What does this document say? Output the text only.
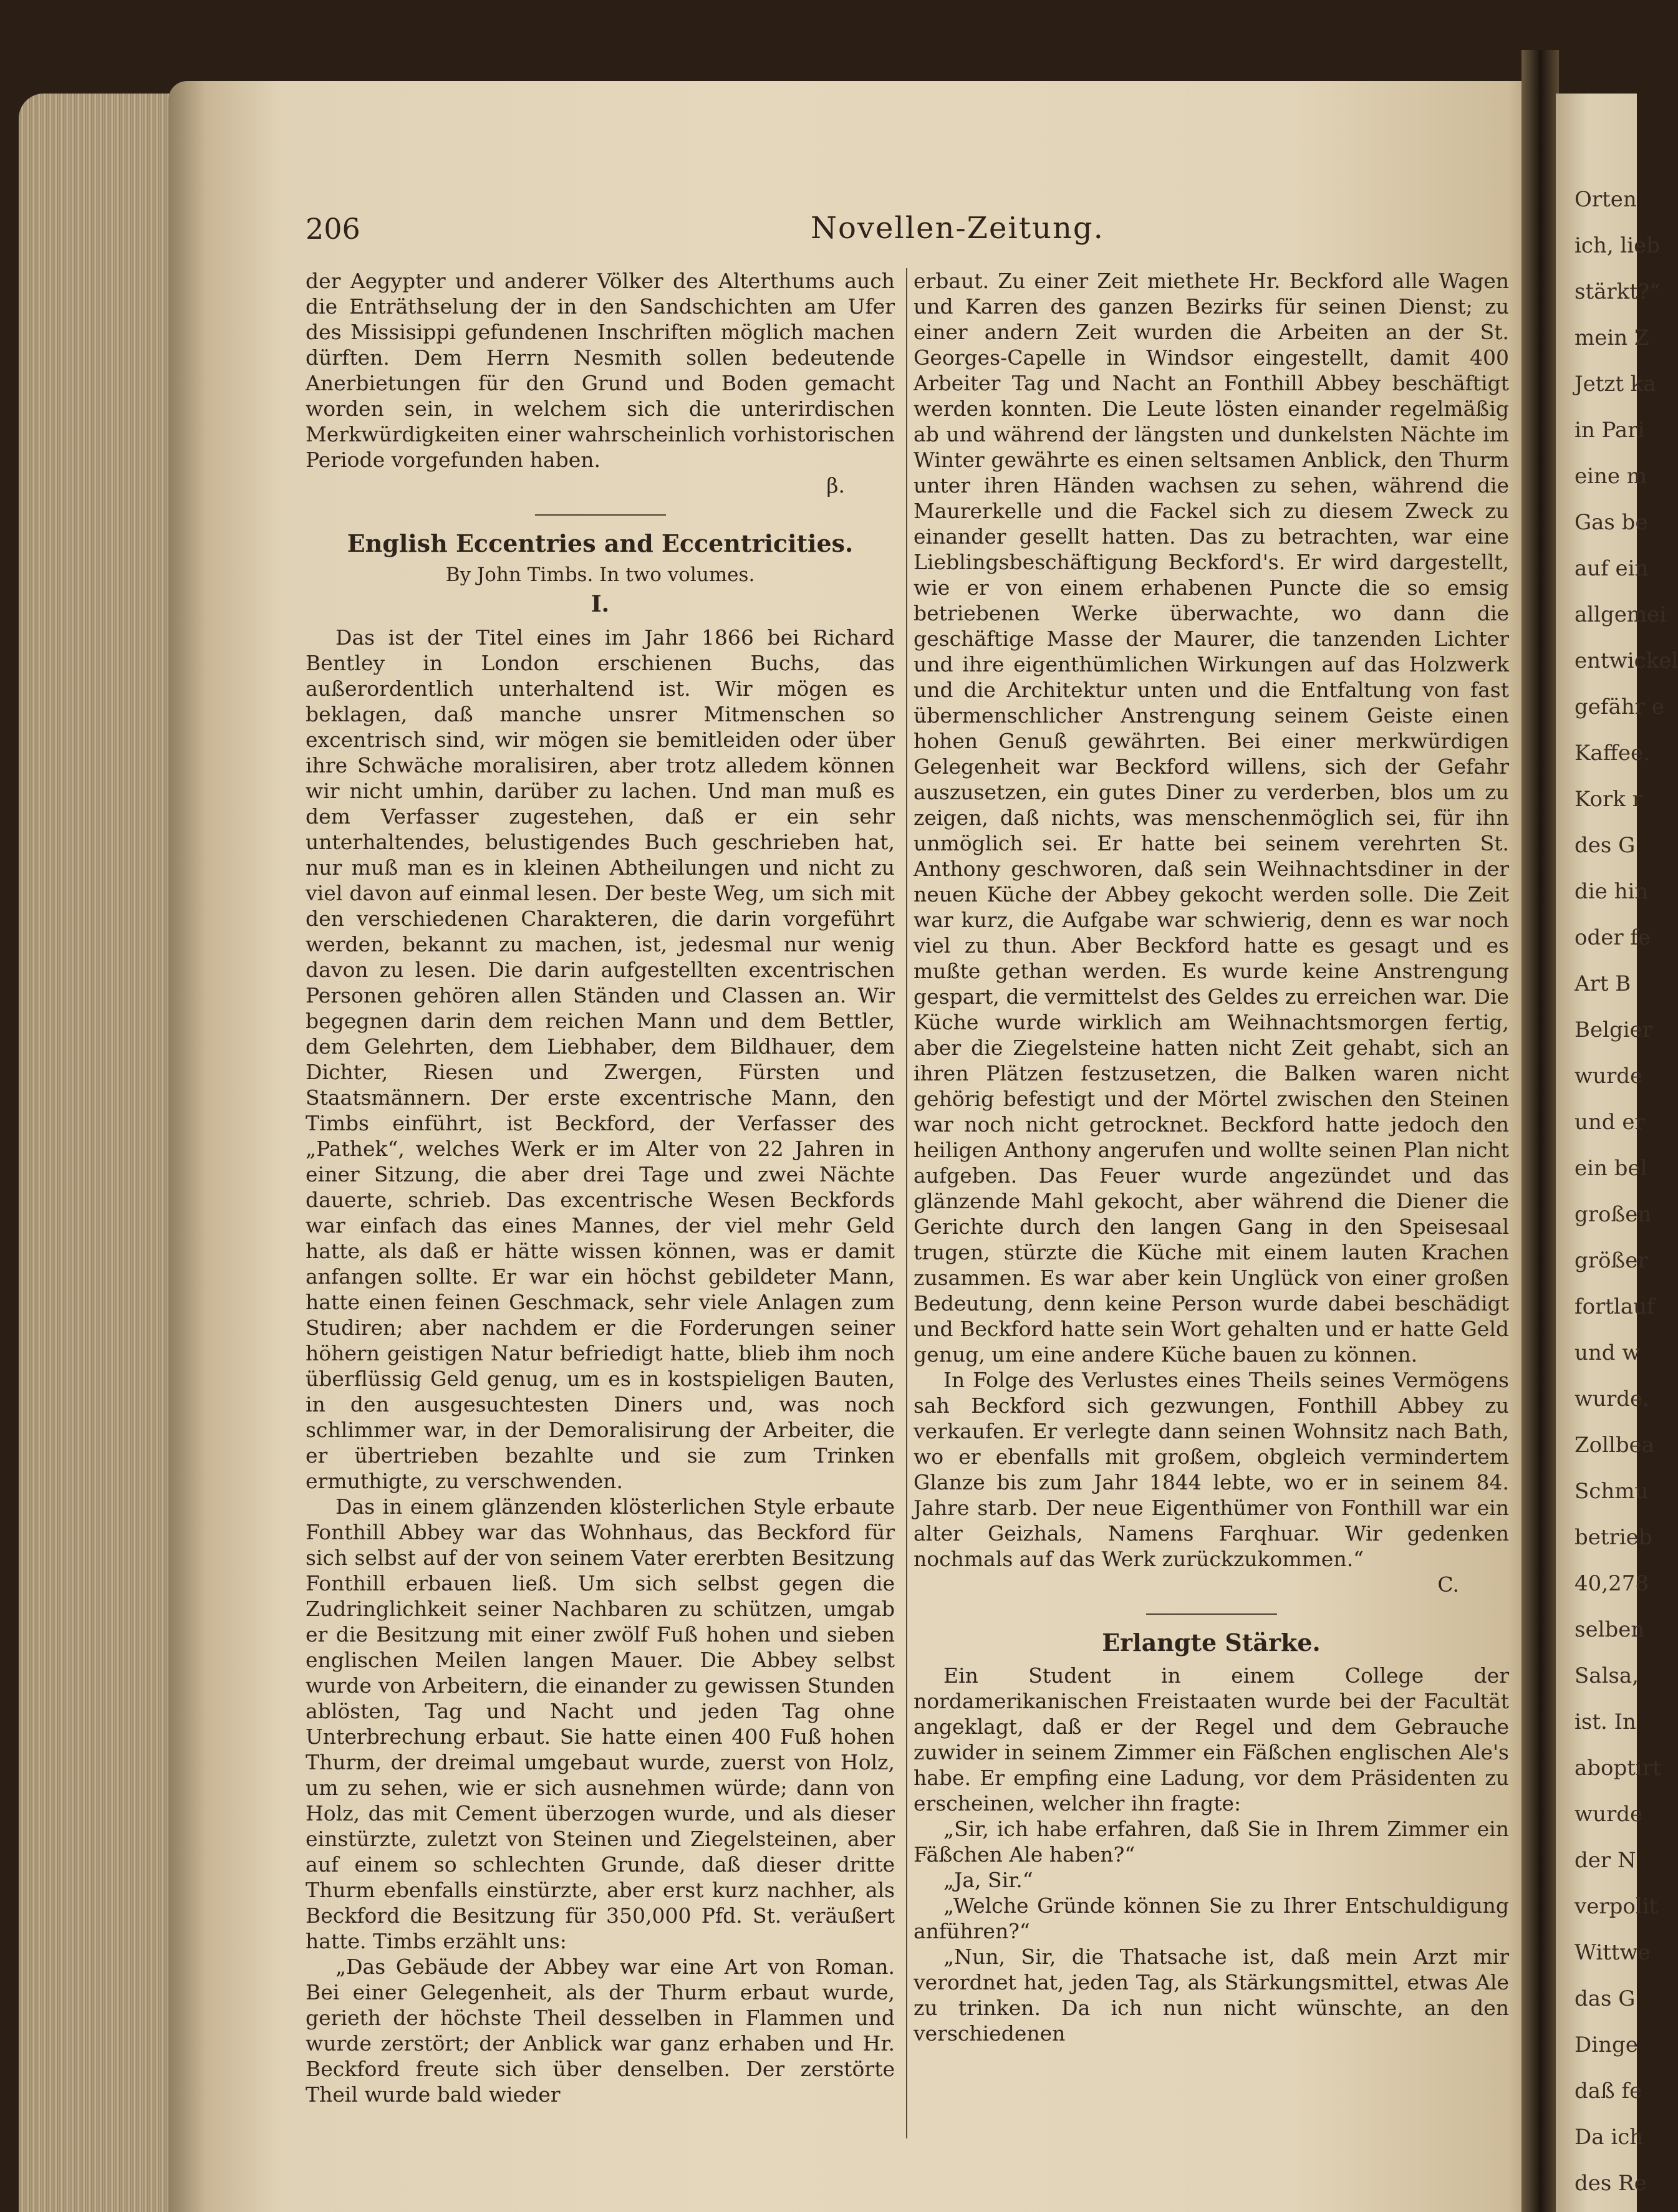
Orten
ich, lieb
stärkt?“
mein Z
Jetzt ka
in Pari
eine m
Gas be
auf ein
allgemei
entwickel
gefähr e
Kaffee.
Kork r
des G
die hin
oder fe
Art B
Belgier
wurde
und er
ein bel
großen
größer
fortlauf
und w
wurde.
Zollbea
Schmu
betrieb
40,278
selben
Salsa,
ist. In
aboptirt
wurde
der N
verpolit
Wittwe
das G
Dinge
daß fe
Da ich
des Re
206	Novellen-Zeitung.

der Aegypter und anderer Völker des Alterthums auch die Enträthselung der in den Sandschichten am Ufer des Missisippi gefundenen Inschriften möglich machen dürften. Dem Herrn Nesmith sollen bedeutende Anerbietungen für den Grund und Boden gemacht worden sein, in welchem sich die unterirdischen Merkwürdigkeiten einer wahrscheinlich vorhistorischen Periode vorgefunden haben.

β.
English Eccentries and Eccentricities.
By John Timbs. In two volumes.
I.

Das ist der Titel eines im Jahr 1866 bei Richard Bentley in London erschienen Buchs, das außerordentlich unterhaltend ist. Wir mögen es beklagen, daß manche unsrer Mitmenschen so excentrisch sind, wir mögen sie bemitleiden oder über ihre Schwäche moralisiren, aber trotz alledem können wir nicht umhin, darüber zu lachen. Und man muß es dem Verfasser zugestehen, daß er ein sehr unterhaltendes, belustigendes Buch geschrieben hat, nur muß man es in kleinen Abtheilungen und nicht zu viel davon auf einmal lesen. Der beste Weg, um sich mit den verschiedenen Charakteren, die darin vorgeführt werden, bekannt zu machen, ist, jedesmal nur wenig davon zu lesen. Die darin aufgestellten excentrischen Personen gehören allen Ständen und Classen an. Wir begegnen darin dem reichen Mann und dem Bettler, dem Gelehrten, dem Liebhaber, dem Bildhauer, dem Dichter, Riesen und Zwergen, Fürsten und Staatsmännern. Der erste excentrische Mann, den Timbs einführt, ist Beckford, der Verfasser des „Pathek“, welches Werk er im Alter von 22 Jahren in einer Sitzung, die aber drei Tage und zwei Nächte dauerte, schrieb. Das excentrische Wesen Beckfords war einfach das eines Mannes, der viel mehr Geld hatte, als daß er hätte wissen können, was er damit anfangen sollte. Er war ein höchst gebildeter Mann, hatte einen feinen Geschmack, sehr viele Anlagen zum Studiren; aber nachdem er die Forderungen seiner höhern geistigen Natur befriedigt hatte, blieb ihm noch überflüssig Geld genug, um es in kostspieligen Bauten, in den ausgesuchtesten Diners und, was noch schlimmer war, in der Demoralisirung der Arbeiter, die er übertrieben bezahlte und sie zum Trinken ermuthigte, zu verschwenden.

Das in einem glänzenden klösterlichen Style erbaute Fonthill Abbey war das Wohnhaus, das Beckford für sich selbst auf der von seinem Vater ererbten Besitzung Fonthill erbauen ließ. Um sich selbst gegen die Zudringlichkeit seiner Nachbaren zu schützen, umgab er die Besitzung mit einer zwölf Fuß hohen und sieben englischen Meilen langen Mauer. Die Abbey selbst wurde von Arbeitern, die einander zu gewissen Stunden ablösten, Tag und Nacht und jeden Tag ohne Unterbrechung erbaut. Sie hatte einen 400 Fuß hohen Thurm, der dreimal umgebaut wurde, zuerst von Holz, um zu sehen, wie er sich ausnehmen würde; dann von Holz, das mit Cement überzogen wurde, und als dieser einstürzte, zuletzt von Steinen und Ziegelsteinen, aber auf einem so schlechten Grunde, daß dieser dritte Thurm ebenfalls einstürzte, aber erst kurz nachher, als Beckford die Besitzung für 350,000 Pfd. St. veräußert hatte. Timbs erzählt uns:

„Das Gebäude der Abbey war eine Art von Roman. Bei einer Gelegenheit, als der Thurm erbaut wurde, gerieth der höchste Theil desselben in Flammen und wurde zerstört; der Anblick war ganz erhaben und Hr. Beckford freute sich über denselben. Der zerstörte Theil wurde bald wieder

erbaut. Zu einer Zeit miethete Hr. Beckford alle Wagen und Karren des ganzen Bezirks für seinen Dienst; zu einer andern Zeit wurden die Arbeiten an der St. Georges-Capelle in Windsor eingestellt, damit 400 Arbeiter Tag und Nacht an Fonthill Abbey beschäftigt werden konnten. Die Leute lösten einander regelmäßig ab und während der längsten und dunkelsten Nächte im Winter gewährte es einen seltsamen Anblick, den Thurm unter ihren Händen wachsen zu sehen, während die Maurerkelle und die Fackel sich zu diesem Zweck zu einander gesellt hatten. Das zu betrachten, war eine Lieblingsbeschäftigung Beckford's. Er wird dargestellt, wie er von einem erhabenen Puncte die so emsig betriebenen Werke überwachte, wo dann die geschäftige Masse der Maurer, die tanzenden Lichter und ihre eigenthümlichen Wirkungen auf das Holzwerk und die Architektur unten und die Entfaltung von fast übermenschlicher Anstrengung seinem Geiste einen hohen Genuß gewährten. Bei einer merkwürdigen Gelegenheit war Beckford willens, sich der Gefahr auszusetzen, ein gutes Diner zu verderben, blos um zu zeigen, daß nichts, was menschenmöglich sei, für ihn unmöglich sei. Er hatte bei seinem verehrten St. Anthony geschworen, daß sein Weihnachtsdiner in der neuen Küche der Abbey gekocht werden solle. Die Zeit war kurz, die Aufgabe war schwierig, denn es war noch viel zu thun. Aber Beckford hatte es gesagt und es mußte gethan werden. Es wurde keine Anstrengung gespart, die vermittelst des Geldes zu erreichen war. Die Küche wurde wirklich am Weihnachtsmorgen fertig, aber die Ziegelsteine hatten nicht Zeit gehabt, sich an ihren Plätzen festzusetzen, die Balken waren nicht gehörig befestigt und der Mörtel zwischen den Steinen war noch nicht getrocknet. Beckford hatte jedoch den heiligen Anthony angerufen und wollte seinen Plan nicht aufgeben. Das Feuer wurde angezündet und das glänzende Mahl gekocht, aber während die Diener die Gerichte durch den langen Gang in den Speisesaal trugen, stürzte die Küche mit einem lauten Krachen zusammen. Es war aber kein Unglück von einer großen Bedeutung, denn keine Person wurde dabei beschädigt und Beckford hatte sein Wort gehalten und er hatte Geld genug, um eine andere Küche bauen zu können.

In Folge des Verlustes eines Theils seines Vermögens sah Beckford sich gezwungen, Fonthill Abbey zu verkaufen. Er verlegte dann seinen Wohnsitz nach Bath, wo er ebenfalls mit großem, obgleich vermindertem Glanze bis zum Jahr 1844 lebte, wo er in seinem 84. Jahre starb. Der neue Eigenthümer von Fonthill war ein alter Geizhals, Namens Farqhuar. Wir gedenken nochmals auf das Werk zurückzukommen.“

C.
Erlangte Stärke.

Ein Student in einem College der nordamerikanischen Freistaaten wurde bei der Facultät angeklagt, daß er der Regel und dem Gebrauche zuwider in seinem Zimmer ein Fäßchen englischen Ale's habe. Er empfing eine Ladung, vor dem Präsidenten zu erscheinen, welcher ihn fragte:

„Sir, ich habe erfahren, daß Sie in Ihrem Zimmer ein Fäßchen Ale haben?“

„Ja, Sir.“

„Welche Gründe können Sie zu Ihrer Entschuldigung anführen?“

„Nun, Sir, die Thatsache ist, daß mein Arzt mir verordnet hat, jeden Tag, als Stärkungsmittel, etwas Ale zu trinken. Da ich nun nicht wünschte, an den verschiedenen
